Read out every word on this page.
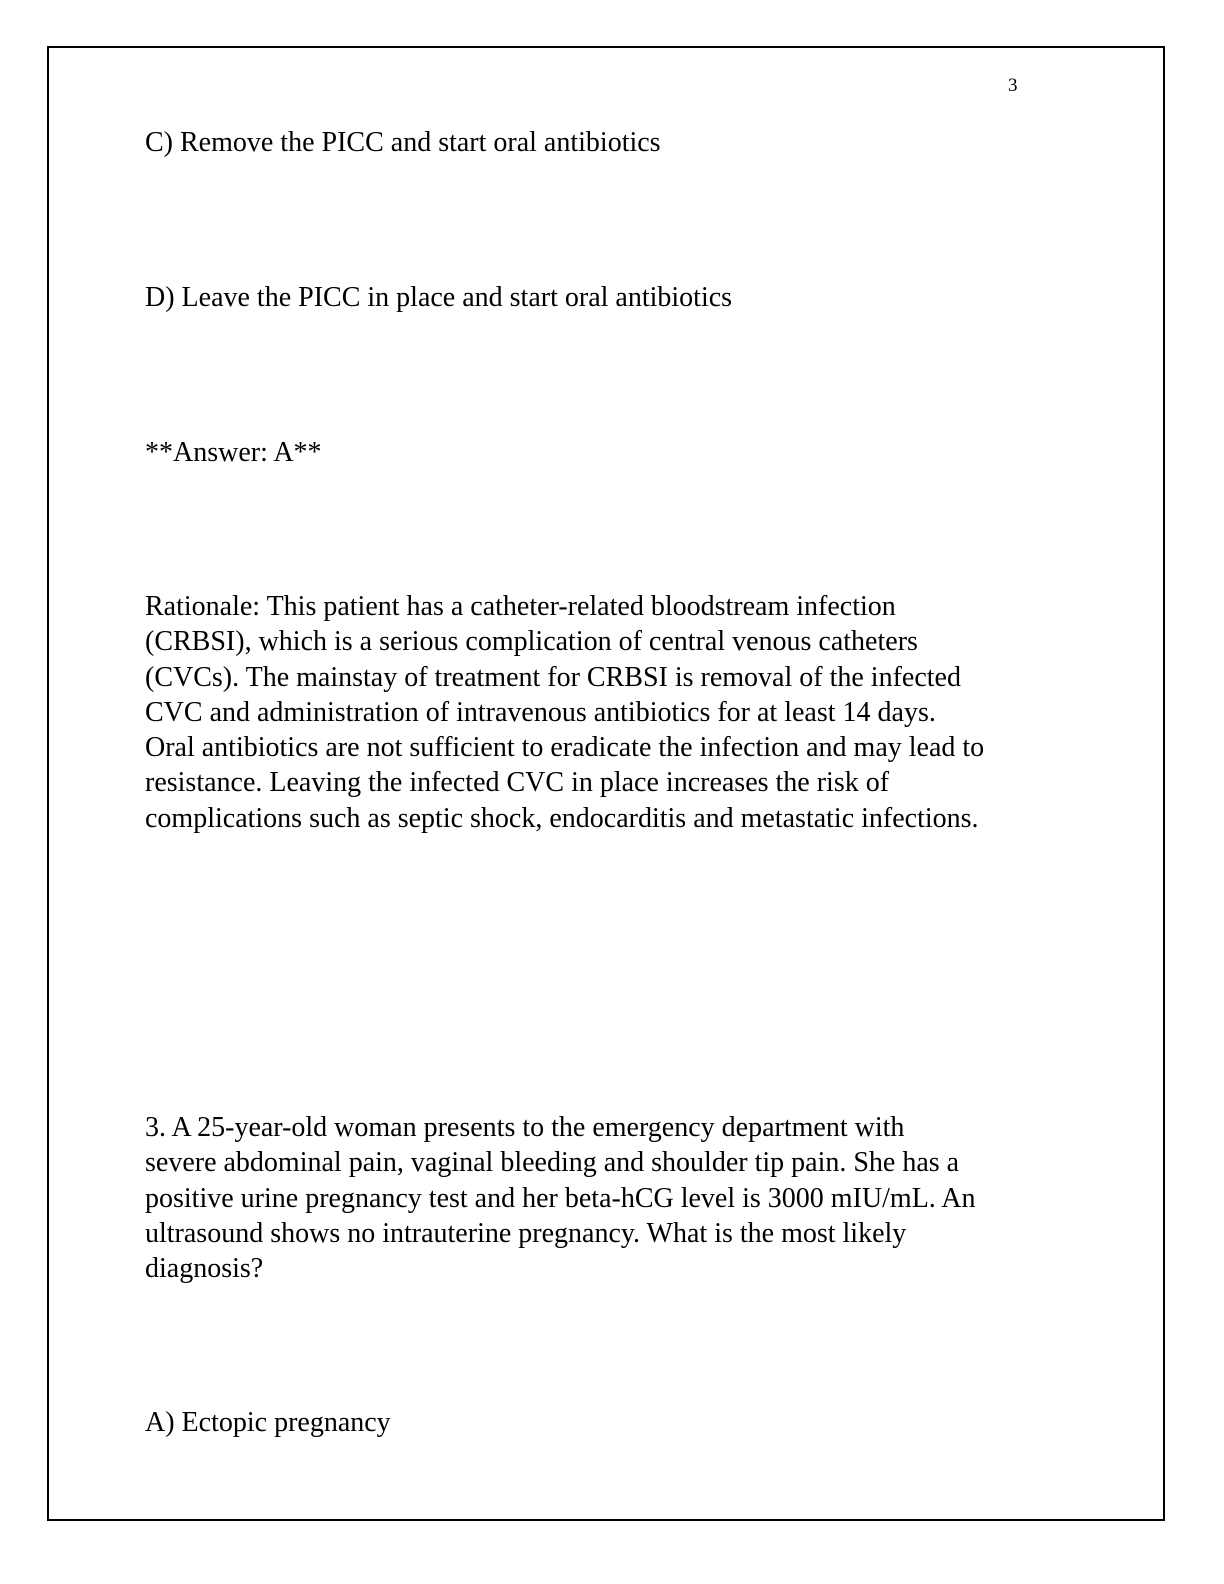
3
C) Remove the PICC and start oral antibiotics
D) Leave the PICC in place and start oral antibiotics
**Answer: A**
Rationale: This patient has a catheter-related bloodstream infection
(CRBSI), which is a serious complication of central venous catheters
(CVCs). The mainstay of treatment for CRBSI is removal of the infected
CVC and administration of intravenous antibiotics for at least 14 days.
Oral antibiotics are not sufficient to eradicate the infection and may lead to
resistance. Leaving the infected CVC in place increases the risk of
complications such as septic shock, endocarditis and metastatic infections.
3. A 25-year-old woman presents to the emergency department with
severe abdominal pain, vaginal bleeding and shoulder tip pain. She has a
positive urine pregnancy test and her beta-hCG level is 3000 mIU/mL. An
ultrasound shows no intrauterine pregnancy. What is the most likely
diagnosis?
A) Ectopic pregnancy
